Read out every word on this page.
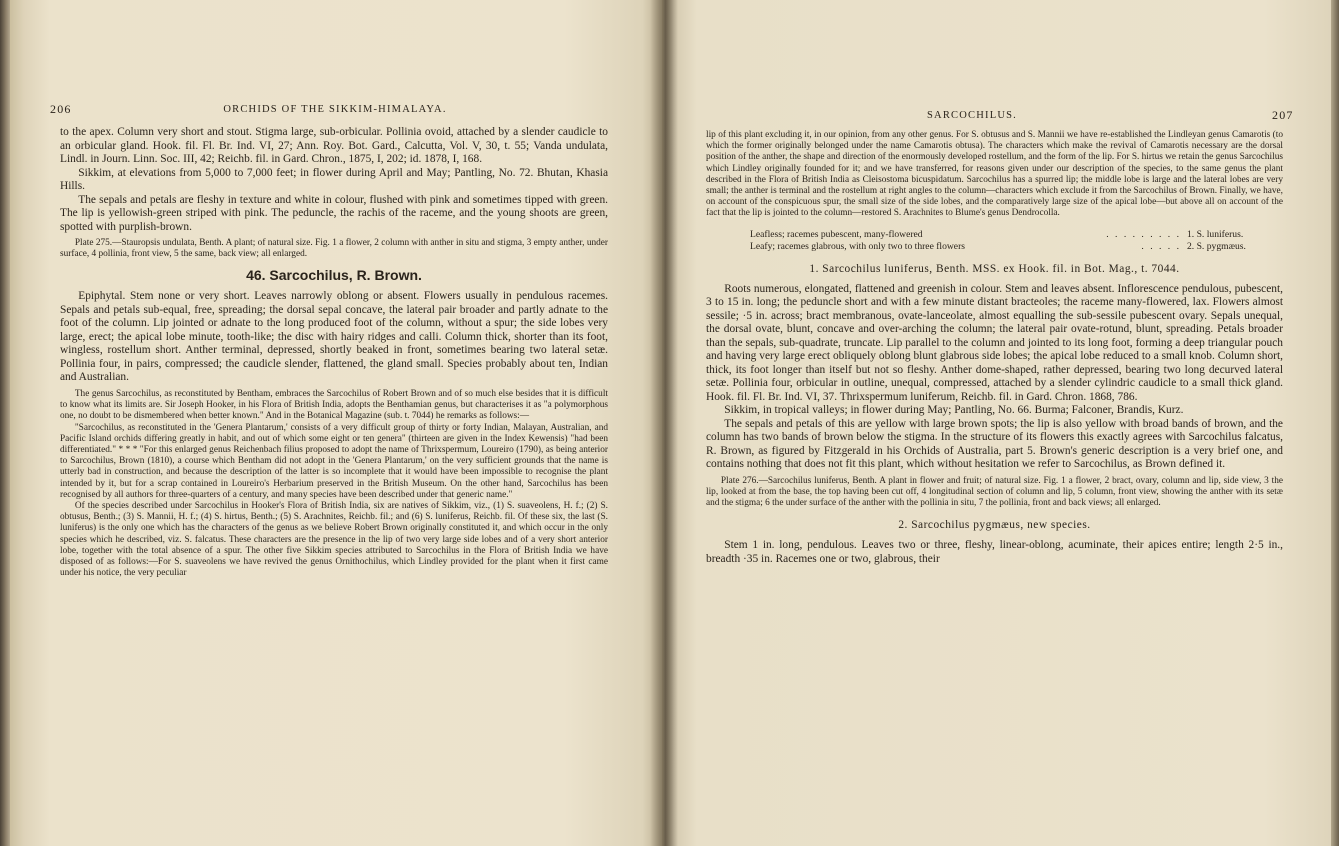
206	ORCHIDS OF THE SIKKIM-HIMALAYA.

to the apex. Column very short and stout. Stigma large, sub-orbicular. Pollinia ovoid, attached by a slender caudicle to an orbicular gland. Hook. fil. Fl. Br. Ind. VI, 27; Ann. Roy. Bot. Gard., Calcutta, Vol. V, 30, t. 55; Vanda undulata, Lindl. in Journ. Linn. Soc. III, 42; Reichb. fil. in Gard. Chron., 1875, I, 202; id. 1878, I, 168.

Sikkim, at elevations from 5,000 to 7,000 feet; in flower during April and May; Pantling, No. 72. Bhutan, Khasia Hills.

The sepals and petals are fleshy in texture and white in colour, flushed with pink and sometimes tipped with green. The lip is yellowish-green striped with pink. The peduncle, the rachis of the raceme, and the young shoots are green, spotted with purplish-brown.

Plate 275.—Stauropsis undulata, Benth. A plant; of natural size. Fig. 1 a flower, 2 column with anther in situ and stigma, 3 empty anther, under surface, 4 pollinia, front view, 5 the same, back view; all enlarged.

46. Sarcochilus, R. Brown.

Epiphytal. Stem none or very short. Leaves narrowly oblong or absent. Flowers usually in pendulous racemes. Sepals and petals sub-equal, free, spreading; the dorsal sepal concave, the lateral pair broader and partly adnate to the foot of the column. Lip jointed or adnate to the long produced foot of the column, without a spur; the side lobes very large, erect; the apical lobe minute, tooth-like; the disc with hairy ridges and calli. Column thick, shorter than its foot, wingless, rostellum short. Anther terminal, depressed, shortly beaked in front, sometimes bearing two lateral setæ. Pollinia four, in pairs, compressed; the caudicle slender, flattened, the gland small. Species probably about ten, Indian and Australian.

The genus Sarcochilus, as reconstituted by Bentham, embraces the Sarcochilus of Robert Brown and of so much else besides that it is difficult to know what its limits are. Sir Joseph Hooker, in his Flora of British India, adopts the Benthamian genus, but characterises it as "a polymorphous one, no doubt to be dismembered when better known." And in the Botanical Magazine (sub. t. 7044) he remarks as follows:—

"Sarcochilus, as reconstituted in the 'Genera Plantarum,' consists of a very difficult group of thirty or forty Indian, Malayan, Australian, and Pacific Island orchids differing greatly in habit, and out of which some eight or ten genera" (thirteen are given in the Index Kewensis) "had been differentiated." * * * "For this enlarged genus Reichenbach filius proposed to adopt the name of Thrixspermum, Loureiro (1790), as being anterior to Sarcochilus, Brown (1810), a course which Bentham did not adopt in the 'Genera Plantarum,' on the very sufficient grounds that the name is utterly bad in construction, and because the description of the latter is so incomplete that it would have been impossible to recognise the plant intended by it, but for a scrap contained in Loureiro's Herbarium preserved in the British Museum. On the other hand, Sarcochilus has been recognised by all authors for three-quarters of a century, and many species have been described under that generic name."

Of the species described under Sarcochilus in Hooker's Flora of British India, six are natives of Sikkim, viz., (1) S. suaveolens, H. f.; (2) S. obtusus, Benth.; (3) S. Mannii, H. f.; (4) S. hirtus, Benth.; (5) S. Arachnites, Reichb. fil.; and (6) S. luniferus, Reichb. fil. Of these six, the last (S. luniferus) is the only one which has the characters of the genus as we believe Robert Brown originally constituted it, and which occur in the only species which he described, viz. S. falcatus. These characters are the presence in the lip of two very large side lobes and of a very short anterior lobe, together with the total absence of a spur. The other five Sikkim species attributed to Sarcochilus in the Flora of British India we have disposed of as follows:—For S. suaveolens we have revived the genus Ornithochilus, which Lindley provided for the plant when it first came under his notice, the very peculiar

SARCOCHILUS.	207

lip of this plant excluding it, in our opinion, from any other genus. For S. obtusus and S. Mannii we have re-established the Lindleyan genus Camarotis (to which the former originally belonged under the name Camarotis obtusa). The characters which make the revival of Camarotis necessary are the dorsal position of the anther, the shape and direction of the enormously developed rostellum, and the form of the lip. For S. hirtus we retain the genus Sarcochilus which Lindley originally founded for it; and we have transferred, for reasons given under our description of the species, to the same genus the plant described in the Flora of British India as Cleisostoma bicuspidatum. Sarcochilus has a spurred lip; the middle lobe is large and the lateral lobes are very small; the anther is terminal and the rostellum at right angles to the column—characters which exclude it from the Sarcochilus of Brown. Finally, we have, on account of the conspicuous spur, the small size of the side lobes, and the comparatively large size of the apical lobe—but above all on account of the fact that the lip is jointed to the column—restored S. Arachnites to Blume's genus Dendrocolla.

Leafless; racemes pubescent, many-flowered	. . . . . . . . . 1. S. luniferus.
Leafy; racemes glabrous, with only two to three flowers	. . . . . 2. S. pygmæus.
1. Sarcochilus luniferus, Benth. MSS. ex Hook. fil. in Bot. Mag., t. 7044.

Roots numerous, elongated, flattened and greenish in colour. Stem and leaves absent. Inflorescence pendulous, pubescent, 3 to 15 in. long; the peduncle short and with a few minute distant bracteoles; the raceme many-flowered, lax. Flowers almost sessile; ·5 in. across; bract membranous, ovate-lanceolate, almost equalling the sub-sessile pubescent ovary. Sepals unequal, the dorsal ovate, blunt, concave and over-arching the column; the lateral pair ovate-rotund, blunt, spreading. Petals broader than the sepals, sub-quadrate, truncate. Lip parallel to the column and jointed to its long foot, forming a deep triangular pouch and having very large erect obliquely oblong blunt glabrous side lobes; the apical lobe reduced to a small knob. Column short, thick, its foot longer than itself but not so fleshy. Anther dome-shaped, rather depressed, bearing two long decurved lateral setæ. Pollinia four, orbicular in outline, unequal, compressed, attached by a slender cylindric caudicle to a small thick gland. Hook. fil. Fl. Br. Ind. VI, 37. Thrixspermum luniferum, Reichb. fil. in Gard. Chron. 1868, 786.

Sikkim, in tropical valleys; in flower during May; Pantling, No. 66. Burma; Falconer, Brandis, Kurz.

The sepals and petals of this are yellow with large brown spots; the lip is also yellow with broad bands of brown, and the column has two bands of brown below the stigma. In the structure of its flowers this exactly agrees with Sarcochilus falcatus, R. Brown, as figured by Fitzgerald in his Orchids of Australia, part 5. Brown's generic description is a very brief one, and contains nothing that does not fit this plant, which without hesitation we refer to Sarcochilus, as Brown defined it.

Plate 276.—Sarcochilus luniferus, Benth. A plant in flower and fruit; of natural size. Fig. 1 a flower, 2 bract, ovary, column and lip, side view, 3 the lip, looked at from the base, the top having been cut off, 4 longitudinal section of column and lip, 5 column, front view, showing the anther with its setæ and the stigma; 6 the under surface of the anther with the pollinia in situ, 7 the pollinia, front and back views; all enlarged.

2. Sarcochilus pygmæus, new species.

Stem 1 in. long, pendulous. Leaves two or three, fleshy, linear-oblong, acuminate, their apices entire; length 2·5 in., breadth ·35 in. Racemes one or two, glabrous, their
